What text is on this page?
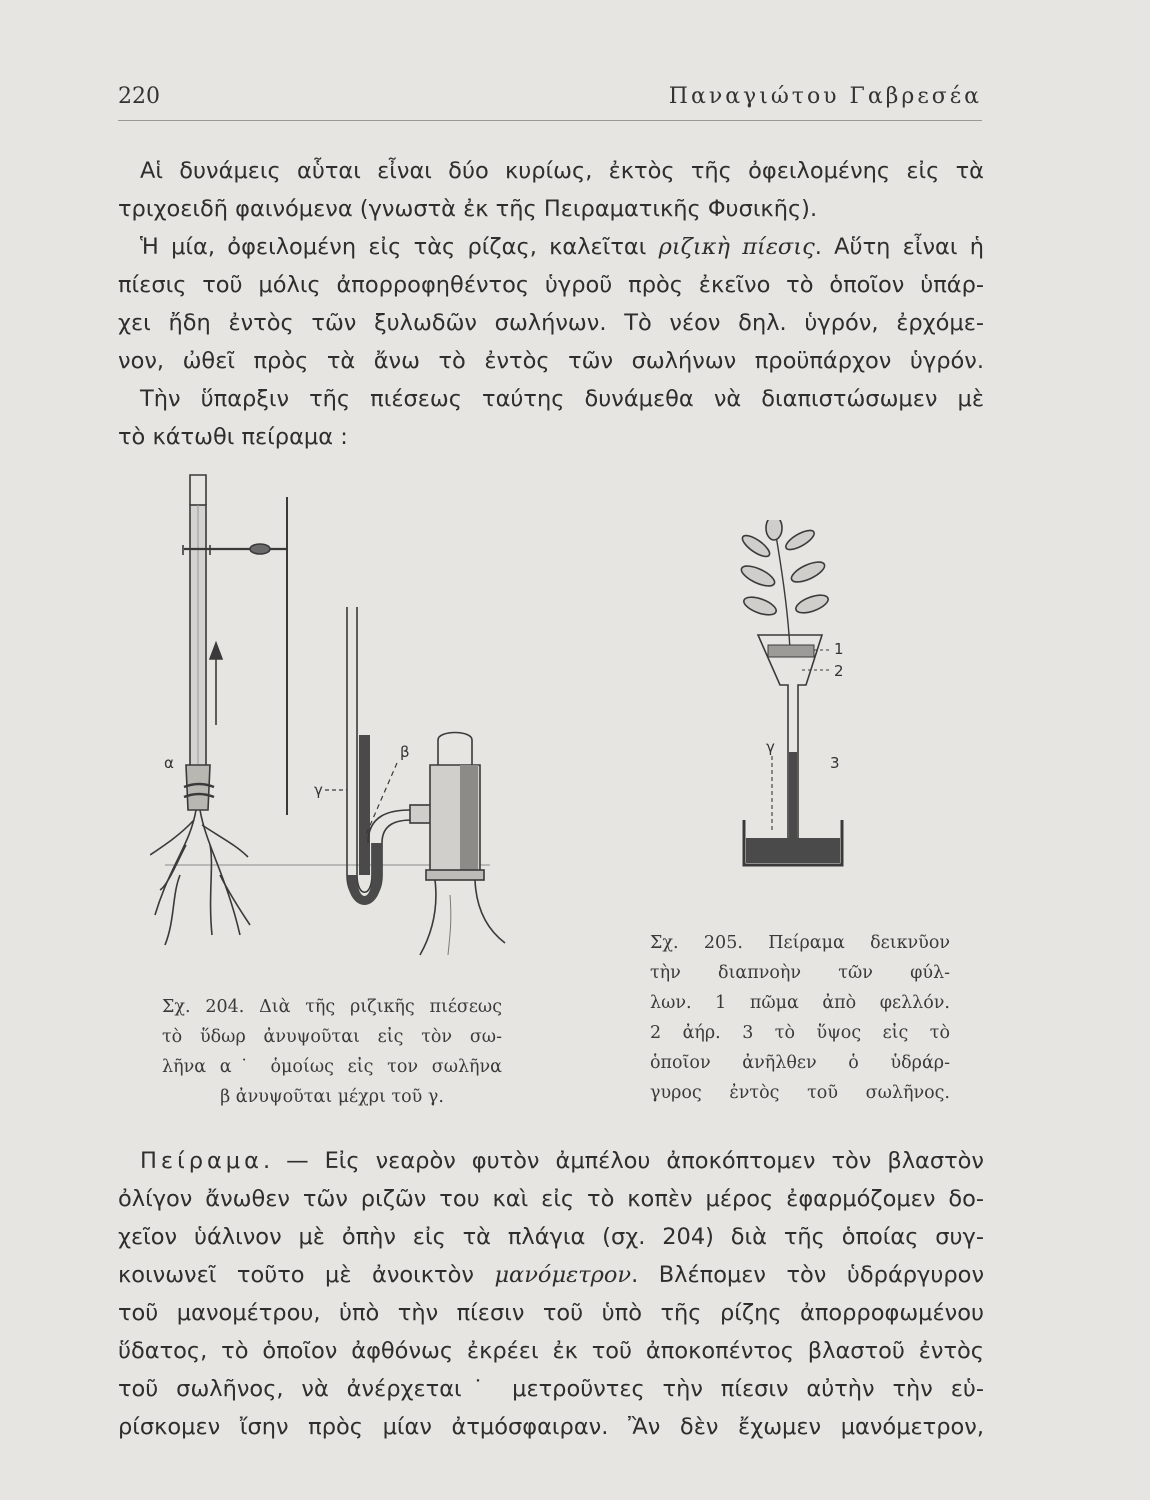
220	Παναγιώτου Γαβρεσέα
Αἱ δυνάμεις αὗται εἶναι δύο κυρίως, ἐκτὸς τῆς ὀφειλομένης εἰς τὰ
τριχοειδῆ φαινόμενα (γνωστὰ ἐκ τῆς Πειραματικῆς Φυσικῆς).
Ἡ μία, ὀφειλομένη εἰς τὰς ρίζας, καλεῖται ριζικὴ πίεσις. Αὕτη εἶναι ἡ
πίεσις τοῦ μόλις ἀπορροφηθέντος ὑγροῦ πρὸς ἐκεῖνο τὸ ὁποῖον ὑπάρ-
χει ἤδη ἐντὸς τῶν ξυλωδῶν σωλήνων. Τὸ νέον δηλ. ὑγρόν, ἐρχόμε-
νον, ὠθεῖ πρὸς τὰ ἄνω τὸ ἐντὸς τῶν σωλήνων προϋπάρχον ὑγρόν.
Τὴν ὕπαρξιν τῆς πιέσεως ταύτης δυνάμεθα νὰ διαπιστώσωμεν μὲ
τὸ κάτωθι πείραμα :
α
β
γ
Σχ. 204. Διὰ τῆς ριζικῆς πιέσεως
τὸ ὕδωρ ἀνυψοῦται εἰς τὸν σω-
λῆνα α˙ ὁμοίως εἰς τον σωλῆνα
β ἀνυψοῦται μέχρι τοῦ γ.
1
2
3
γ
Σχ. 205. Πείραμα δεικνῦον
τὴν διαπνοὴν τῶν φύλ-
λων. 1 πῶμα ἀπὸ φελλόν.
2 ἀήρ. 3 τὸ ὕψος εἰς τὸ
ὁποῖον ἀνῆλθεν ὁ ὑδράρ-
γυρος ἐντὸς τοῦ σωλῆνος.
Πείραμα. — Εἰς νεαρὸν φυτὸν ἀμπέλου ἀποκόπτομεν τὸν βλαστὸν
ὀλίγον ἄνωθεν τῶν ριζῶν του καὶ εἰς τὸ κοπὲν μέρος ἐφαρμόζομεν δο-
χεῖον ὑάλινον μὲ ὀπὴν εἰς τὰ πλάγια (σχ. 204) διὰ τῆς ὁποίας συγ-
κοινωνεῖ τοῦτο μὲ ἀνοικτὸν μανόμετρον. Βλέπομεν τὸν ὑδράργυρον
τοῦ μανομέτρου, ὑπὸ τὴν πίεσιν τοῦ ὑπὸ τῆς ρίζης ἀπορροφωμένου
ὕδατος, τὸ ὁποῖον ἀφθόνως ἐκρέει ἐκ τοῦ ἀποκοπέντος βλαστοῦ ἐντὸς
τοῦ σωλῆνος, νὰ ἀνέρχεται˙ μετροῦντες τὴν πίεσιν αὐτὴν τὴν εὑ-
ρίσκομεν ἴσην πρὸς μίαν ἀτμόσφαιραν. Ἂν δὲν ἔχωμεν μανόμετρον,
